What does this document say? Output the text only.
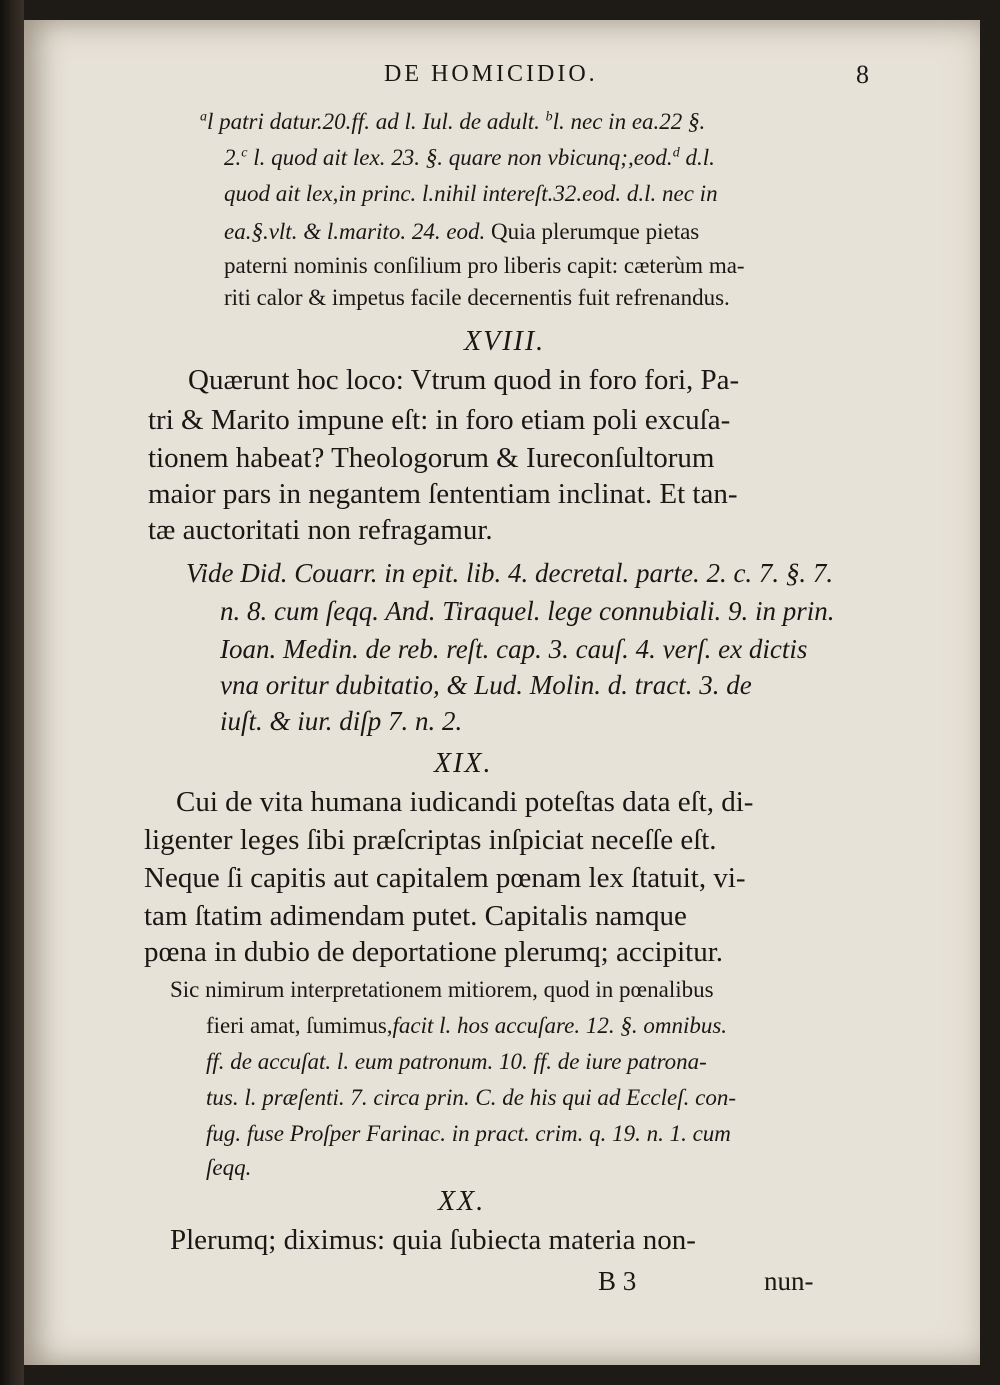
DE HOMICIDIO.	8

$^a$l patri datur.20.ff. ad l. Iul. de adult. $^b$l. nec in ea.22 §.

2.$^c$ l. quod ait lex. 23. §. quare non vbicunq;,eod.$^d$ d.l.

quod ait lex,in princ. l.nihil intereſt.32.eod. d.l. nec in

ea.§.vlt. & l.marito. 24. eod. Quia plerumque pietas

paterni nominis conſilium pro liberis capit: cæterùm ma-

riti calor & impetus facile decernentis fuit refrenandus.

XVIII.

Quærunt hoc loco: Vtrum quod in foro fori, Pa-

tri & Marito impune eſt: in foro etiam poli excuſa-

tionem habeat? Theologorum & Iureconſultorum

maior pars in negantem ſententiam inclinat. Et tan-

tæ auctoritati non refragamur.

Vide Did. Couarr. in epit. lib. 4. decretal. parte. 2. c. 7. §. 7.

n. 8. cum ſeqq. And. Tiraquel. lege connubiali. 9. in prin.

Ioan. Medin. de reb. reſt. cap. 3. cauſ. 4. verſ. ex dictis

vna oritur dubitatio, & Lud. Molin. d. tract. 3. de

iuſt. & iur. diſp 7. n. 2.

XIX.

Cui de vita humana iudicandi poteſtas data eſt, di-

ligenter leges ſibi præſcriptas inſpiciat neceſſe eſt.

Neque ſi capitis aut capitalem pœnam lex ſtatuit, vi-

tam ſtatim adimendam putet. Capitalis namque

pœna in dubio de deportatione plerumq; accipitur.

Sic nimirum interpretationem mitiorem, quod in pœnalibus

fieri amat, ſumimus,facit l. hos accuſare. 12. §. omnibus.

ff. de accuſat. l. eum patronum. 10. ff. de iure patrona-

tus. l. præſenti. 7. circa prin. C. de his qui ad Eccleſ. con-

fug. fuse Proſper Farinac. in pract. crim. q. 19. n. 1. cum

ſeqq.

XX.

Plerumq; diximus: quia ſubiecta materia non-

B 3	nun-
